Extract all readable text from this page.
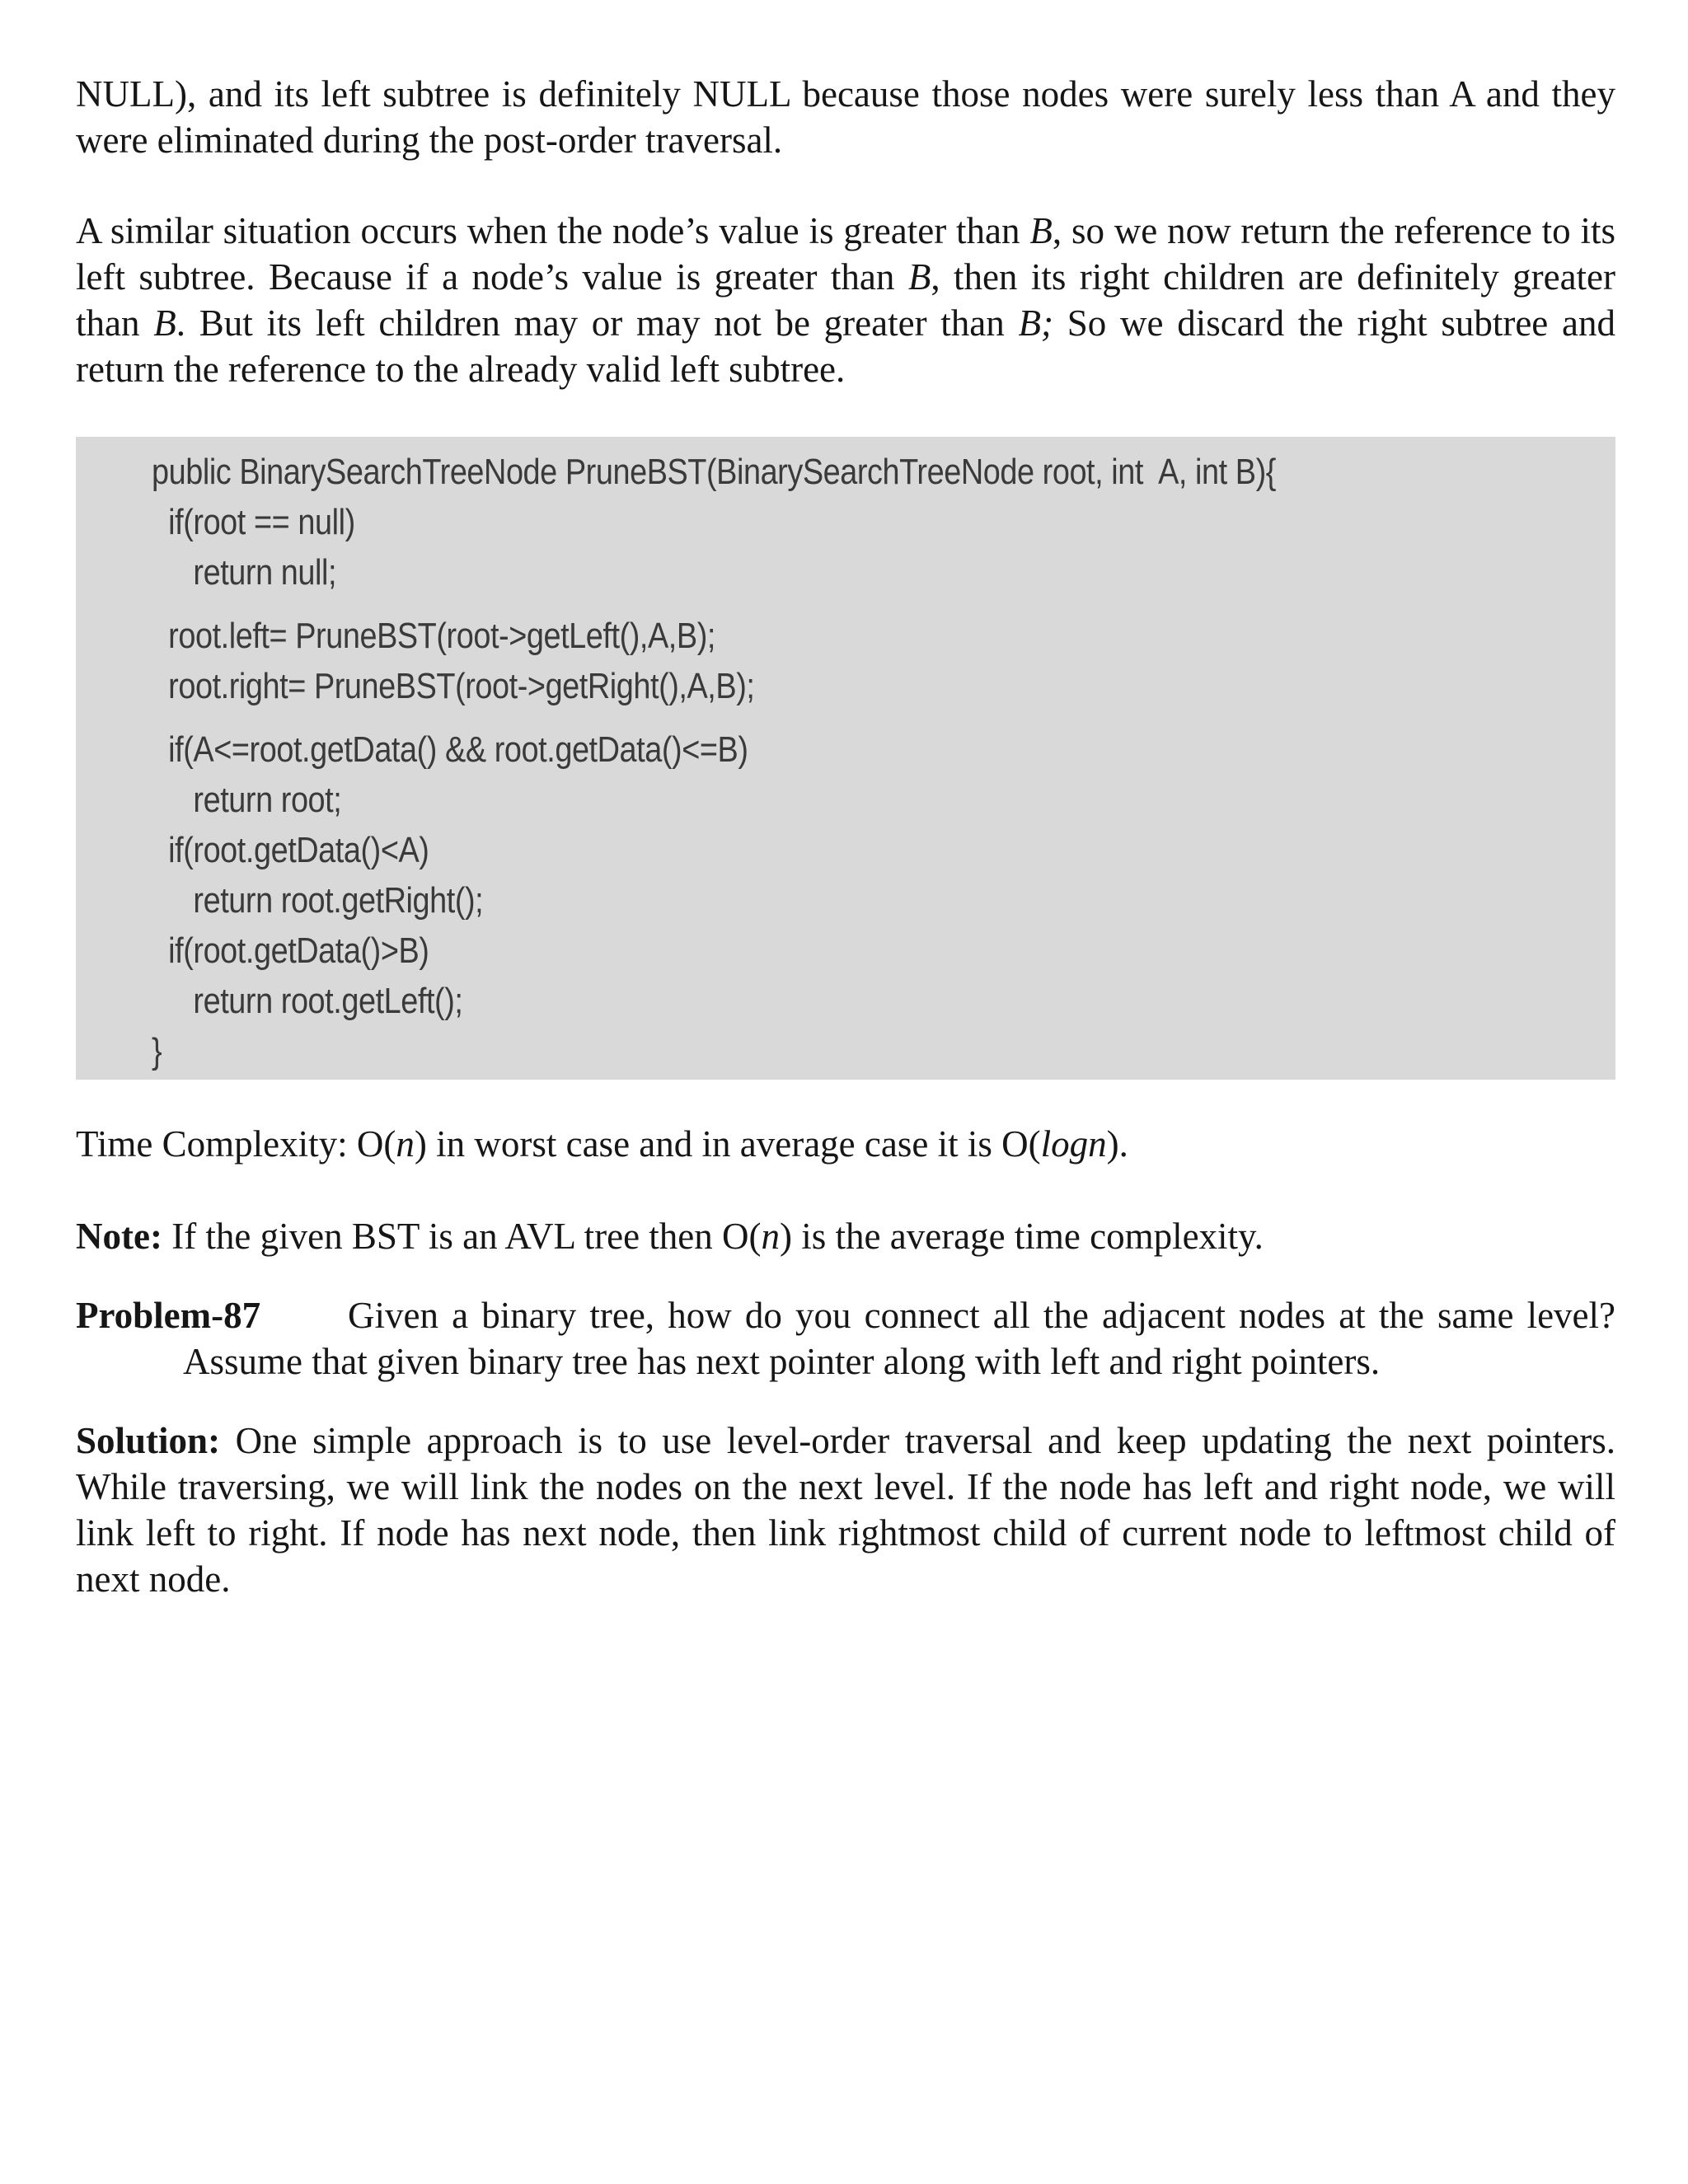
NULL), and its left subtree is definitely NULL because those nodes were surely less than A and they were eliminated during the post-order traversal.

A similar situation occurs when the node’s value is greater than B, so we now return the reference to its left subtree. Because if a node’s value is greater than B, then its right children are definitely greater than B. But its left children may or may not be greater than B; So we discard the right subtree and return the reference to the already valid left subtree.

public BinarySearchTreeNode PruneBST(BinarySearchTreeNode root, int  A, int B){
if(root == null)
return null;
root.left= PruneBST(root->getLeft(),A,B);
root.right= PruneBST(root->getRight(),A,B);
if(A<=root.getData() && root.getData()<=B)
return root;
if(root.getData()<A)
return root.getRight();
if(root.getData()>B)
return root.getLeft();
}

Time Complexity: O(n) in worst case and in average case it is O(logn).

Note: If the given BST is an AVL tree then O(n) is the average time complexity.

Problem-87 Given a binary tree, how do you connect all the adjacent nodes at the same level? Assume that given binary tree has next pointer along with left and right pointers.

Solution: One simple approach is to use level-order traversal and keep updating the next pointers. While traversing, we will link the nodes on the next level. If the node has left and right node, we will link left to right. If node has next node, then link rightmost child of current node to leftmost child of next node.
